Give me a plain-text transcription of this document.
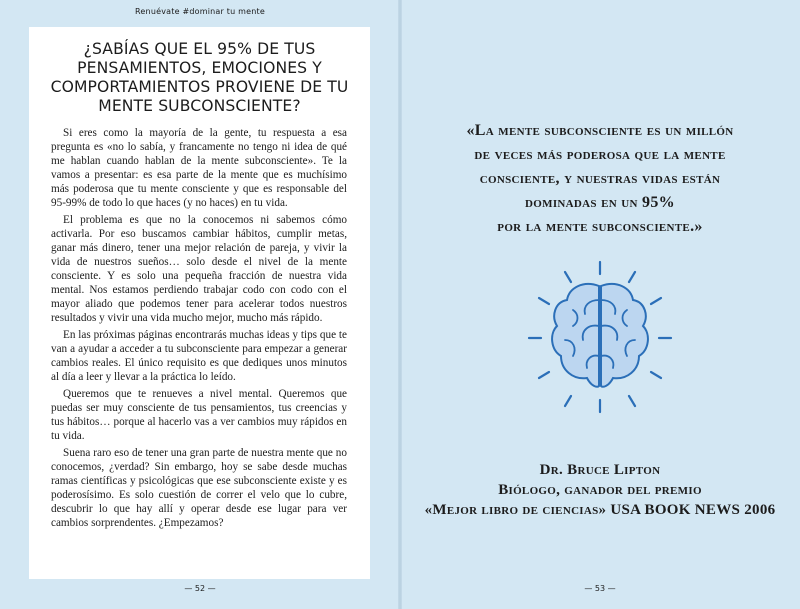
Renuévate #dominar tu mente
¿SABÍAS QUE EL 95% DE TUS
PENSAMIENTOS, EMOCIONES Y
COMPORTAMIENTOS PROVIENE DE TU
MENTE SUBCONSCIENTE?

Si eres como la mayoría de la gente, tu respuesta a esa pregunta es «no lo sabía, y francamente no tengo ni idea de qué me hablan cuando hablan de la mente subconsciente». Te la vamos a presentar: es esa parte de la mente que es muchísimo más poderosa que tu mente consciente y que es responsable del 95-99% de todo lo que haces (y no haces) en tu vida.

El problema es que no la conocemos ni sabemos cómo activarla. Por eso buscamos cambiar hábitos, cumplir metas, ganar más dinero, tener una mejor relación de pareja, y vivir la vida de nuestros sueños… solo desde el nivel de la mente consciente. Y es solo una pequeña fracción de nuestra vida mental. Nos estamos perdiendo trabajar codo con codo con el mayor aliado que podemos tener para acelerar todos nuestros resultados y vivir una vida mucho mejor, mucho más rápido.

En las próximas páginas encontrarás muchas ideas y tips que te van a ayudar a acceder a tu subconsciente para empezar a generar cambios reales. El único requisito es que dediques unos minutos al día a leer y llevar a la práctica lo leído.

Queremos que te renueves a nivel mental. Queremos que puedas ser muy consciente de tus pensamientos, tus creencias y tus hábitos… porque al hacerlo vas a ver cambios muy rápidos en tu vida.

Suena raro eso de tener una gran parte de nuestra mente que no conocemos, ¿verdad? Sin embargo, hoy se sabe desde muchas ramas científicas y psicológicas que ese subconsciente existe y es poderosísimo. Es solo cuestión de correr el velo que lo cubre, descubrir lo que hay allí y operar desde ese lugar para ver cambios sorprendentes. ¿Empezamos?

— 52 —
«La mente subconsciente es un millón
de veces más poderosa que la mente
consciente, y nuestras vidas están
dominadas en un 95%
por la mente subconsciente.»
Dr. Bruce Lipton
Biólogo, ganador del premio
«Mejor libro de ciencias» USA BOOK NEWS 2006
— 53 —
